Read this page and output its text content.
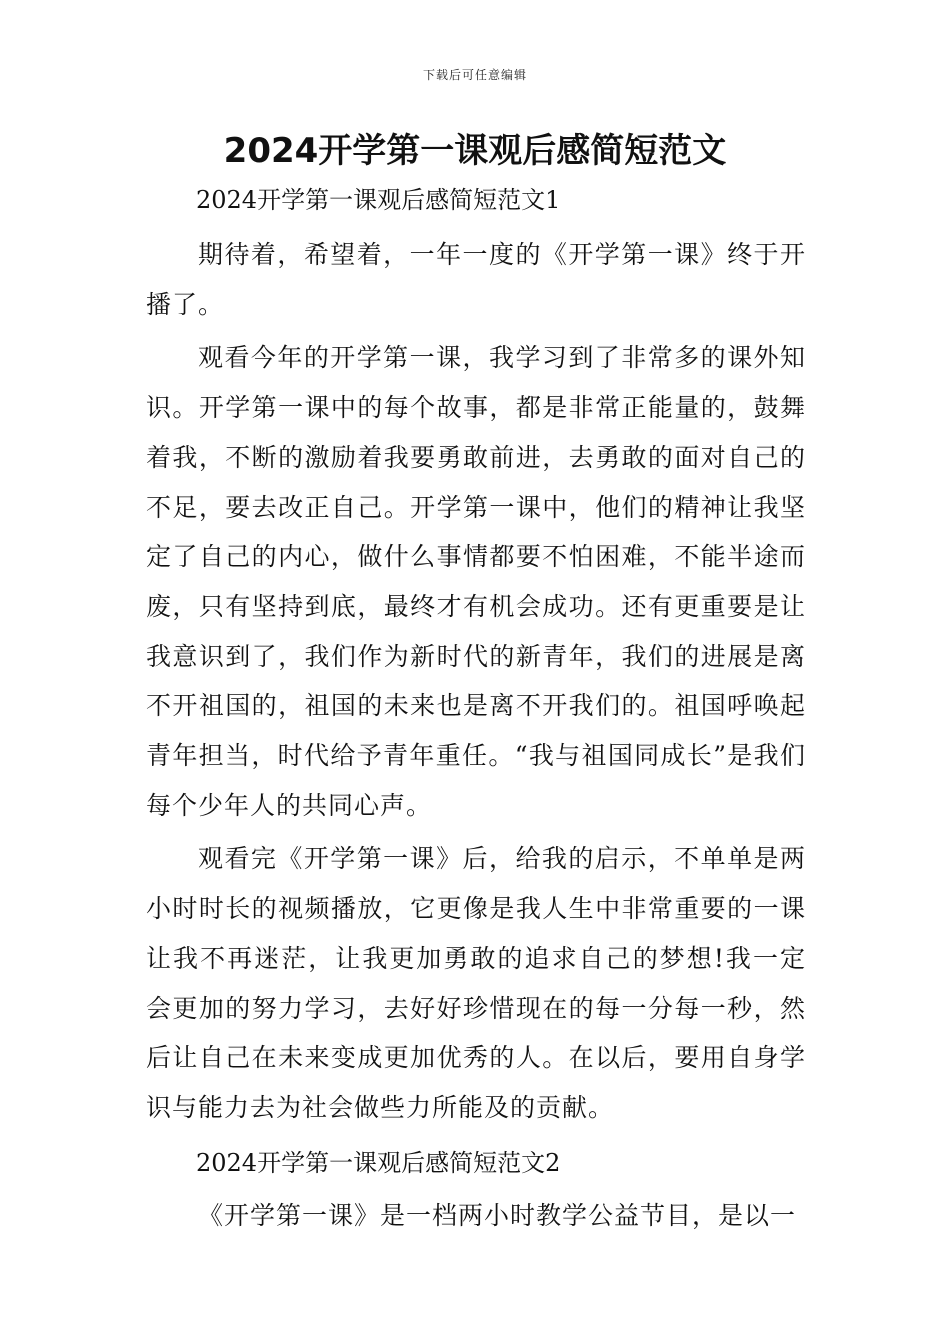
下载后可任意编辑
2024开学第一课观后感简短范文

2024开学第一课观后感简短范文1

期待着，希望着，一年一度的《开学第一课》终于开播了。

观看今年的开学第一课，我学习到了非常多的课外知识。开学第一课中的每个故事，都是非常正能量的，鼓舞着我，不断的激励着我要勇敢前进，去勇敢的面对自己的不足，要去改正自己。开学第一课中，他们的精神让我坚定了自己的内心，做什么事情都要不怕困难，不能半途而废，只有坚持到底，最终才有机会成功。还有更重要是让我意识到了，我们作为新时代的新青年，我们的进展是离不开祖国的，祖国的未来也是离不开我们的。祖国呼唤起青年担当，时代给予青年重任。“我与祖国同成长”是我们每个少年人的共同心声。

观看完《开学第一课》后，给我的启示，不单单是两小时时长的视频播放，它更像是我人生中非常重要的一课让我不再迷茫，让我更加勇敢的追求自己的梦想!我一定会更加的努力学习，去好好珍惜现在的每一分每一秒，然后让自己在未来变成更加优秀的人。在以后，要用自身学识与能力去为社会做些力所能及的贡献。

2024开学第一课观后感简短范文2

《开学第一课》是一档两小时教学公益节目，是以一
